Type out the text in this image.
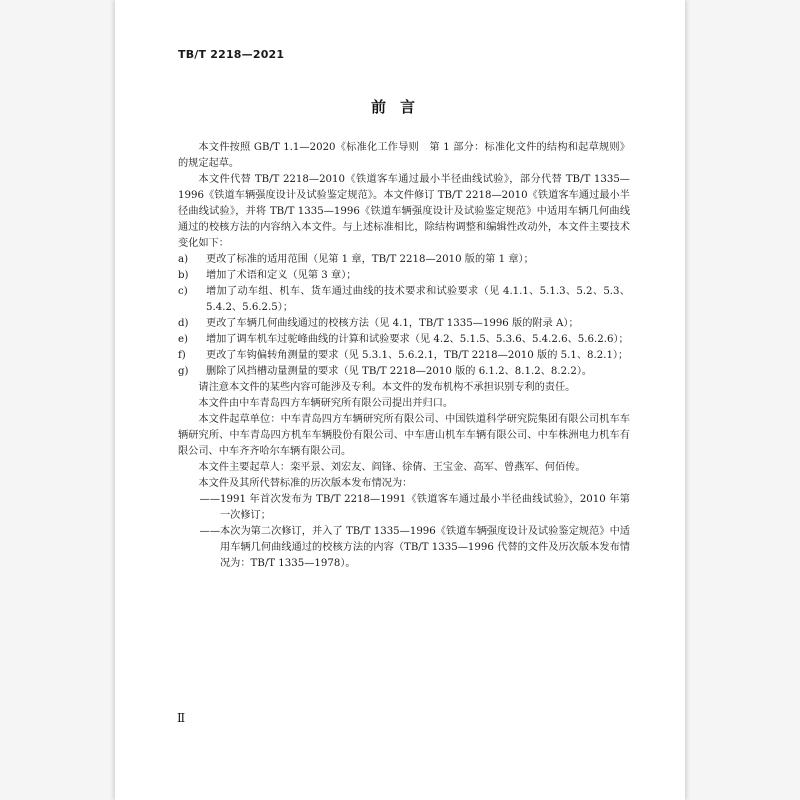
TB/T 2218—2021
前言

本文件按照 GB/T 1.1—2020《标准化工作导则　第 1 部分：标准化文件的结构和起草规则》的规定起草。

本文件代替 TB/T 2218—2010《铁道客车通过最小半径曲线试验》，部分代替 TB/T 1335—1996《铁道车辆强度设计及试验鉴定规范》。本文件修订 TB/T 2218—2010《铁道客车通过最小半径曲线试验》，并将 TB/T 1335—1996《铁道车辆强度设计及试验鉴定规范》中适用车辆几何曲线通过的校核方法的内容纳入本文件。与上述标准相比，除结构调整和编辑性改动外，本文件主要技术变化如下：

a)	更改了标准的适用范围（见第 1 章，TB/T 2218—2010 版的第 1 章）；
b)	增加了术语和定义（见第 3 章）；
c)	增加了动车组、机车、货车通过曲线的技术要求和试验要求（见 4.1.1、5.1.3、5.2、5.3、5.4.2、5.6.2.5）；
d)	更改了车辆几何曲线通过的校核方法（见 4.1，TB/T 1335—1996 版的附录 A）；
e)	增加了调车机车过驼峰曲线的计算和试验要求（见 4.2、5.1.5、5.3.6、5.4.2.6、5.6.2.6）；
f)	更改了车钩偏转角测量的要求（见 5.3.1、5.6.2.1，TB/T 2218—2010 版的 5.1、8.2.1）；
g)	删除了风挡槽动量测量的要求（见 TB/T 2218—2010 版的 6.1.2、8.1.2、8.2.2）。

请注意本文件的某些内容可能涉及专利。本文件的发布机构不承担识别专利的责任。

本文件由中车青岛四方车辆研究所有限公司提出并归口。

本文件起草单位：中车青岛四方车辆研究所有限公司、中国铁道科学研究院集团有限公司机车车辆研究所、中车青岛四方机车车辆股份有限公司、中车唐山机车车辆有限公司、中车株洲电力机车有限公司、中车齐齐哈尔车辆有限公司。

本文件主要起草人：栾平景、刘宏友、阎锋、徐倩、王宝金、高军、曾燕军、何佰传。

本文件及其所代替标准的历次版本发布情况为：

—— 1991 年首次发布为 TB/T 2218—1991《铁道客车通过最小半径曲线试验》，2010 年第一次修订；
—— 本次为第二次修订，并入了 TB/T 1335—1996《铁道车辆强度设计及试验鉴定规范》中适用车辆几何曲线通过的校核方法的内容（TB/T 1335—1996 代替的文件及历次版本发布情况为：TB/T 1335—1978）。
Ⅱ
